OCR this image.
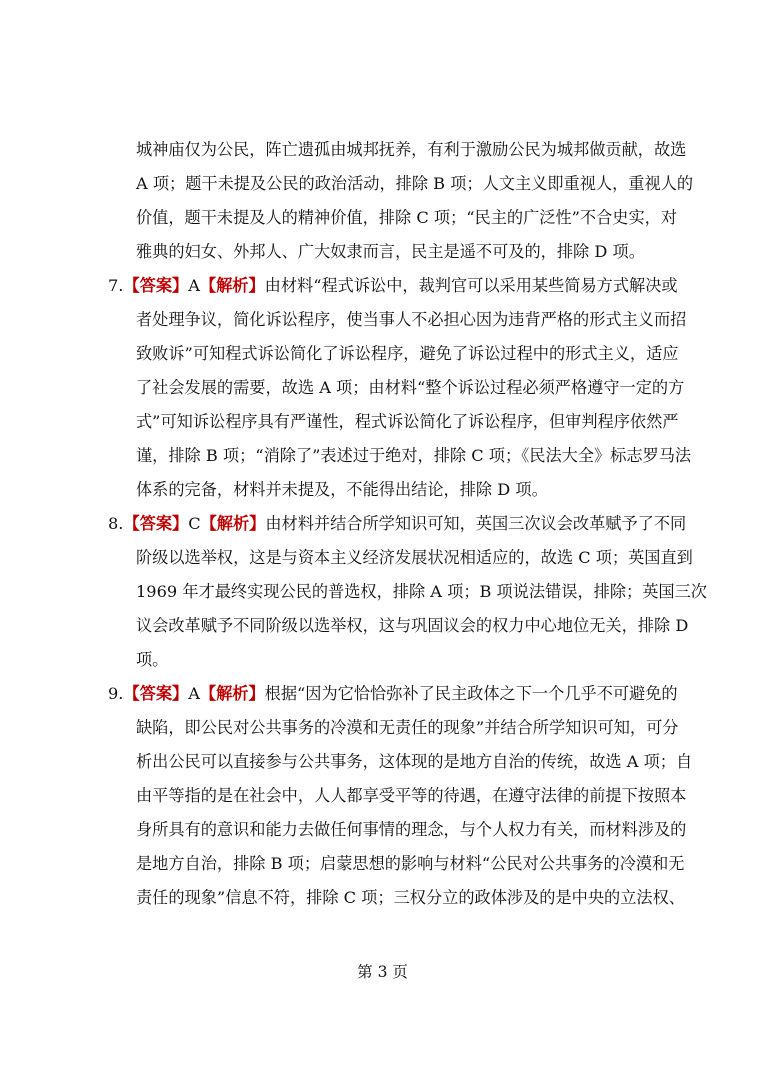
城神庙仅为公民，阵亡遗孤由城邦抚养，有利于激励公民为城邦做贡献，故选
A 项；题干未提及公民的政治活动，排除 B 项；人文主义即重视人，重视人的
价值，题干未提及人的精神价值，排除 C 项；“民主的广泛性”不合史实，对
雅典的妇女、外邦人、广大奴隶而言，民主是遥不可及的，排除 D 项。
7.【答案】A【解析】由材料“程式诉讼中，裁判官可以采用某些简易方式解决或
者处理争议，简化诉讼程序，使当事人不必担心因为违背严格的形式主义而招
致败诉”可知程式诉讼简化了诉讼程序，避免了诉讼过程中的形式主义，适应
了社会发展的需要，故选 A 项；由材料“整个诉讼过程必须严格遵守一定的方
式”可知诉讼程序具有严谨性，程式诉讼简化了诉讼程序，但审判程序依然严
谨，排除 B 项；“消除了”表述过于绝对，排除 C 项；《民法大全》标志罗马法
体系的完备，材料并未提及，不能得出结论，排除 D 项。
8.【答案】C【解析】由材料并结合所学知识可知，英国三次议会改革赋予了不同
阶级以选举权，这是与资本主义经济发展状况相适应的，故选 C 项；英国直到
1969 年才最终实现公民的普选权，排除 A 项；B 项说法错误，排除；英国三次
议会改革赋予不同阶级以选举权，这与巩固议会的权力中心地位无关，排除 D
项。
9.【答案】A【解析】根据“因为它恰恰弥补了民主政体之下一个几乎不可避免的
缺陷，即公民对公共事务的冷漠和无责任的现象”并结合所学知识可知，可分
析出公民可以直接参与公共事务，这体现的是地方自治的传统，故选 A 项；自
由平等指的是在社会中，人人都享受平等的待遇，在遵守法律的前提下按照本
身所具有的意识和能力去做任何事情的理念，与个人权力有关，而材料涉及的
是地方自治，排除 B 项；启蒙思想的影响与材料“公民对公共事务的冷漠和无
责任的现象”信息不符，排除 C 项；三权分立的政体涉及的是中央的立法权、
第 3 页
